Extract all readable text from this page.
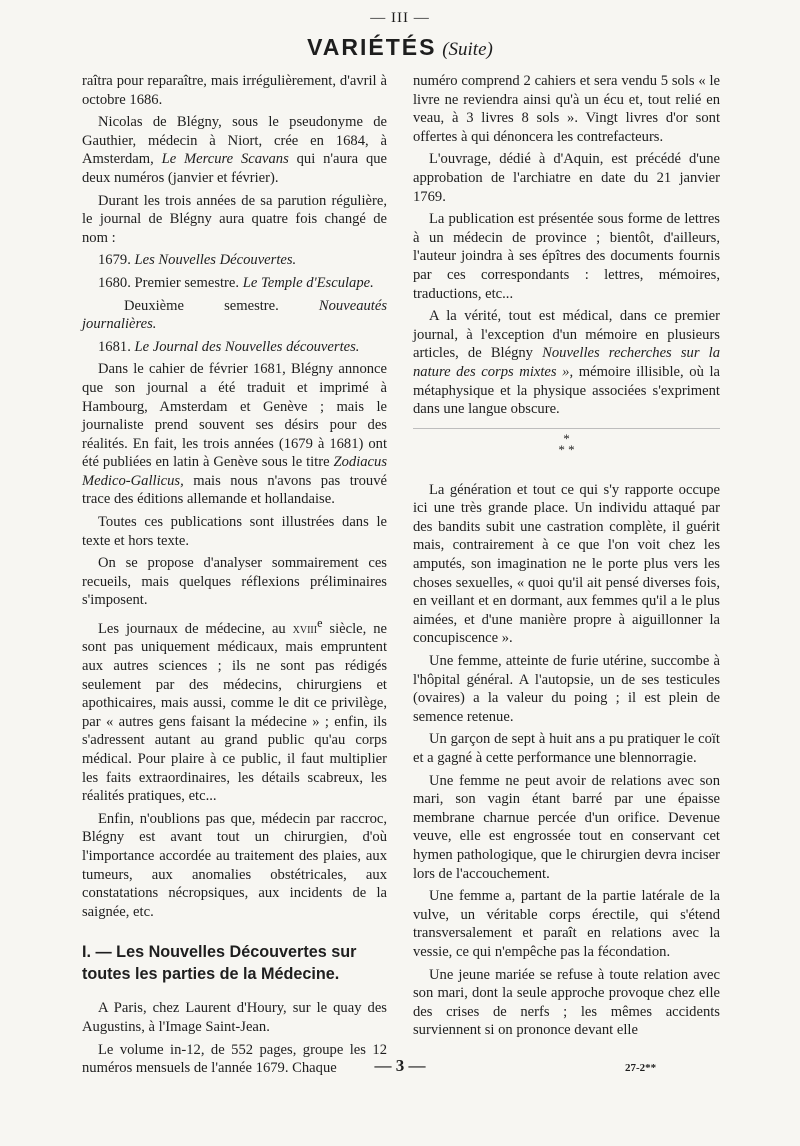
— III —
VARIÉTÉS (Suite)

raîtra pour reparaître, mais irrégulièrement, d'avril à octobre 1686.

Nicolas de Blégny, sous le pseudonyme de Gauthier, médecin à Niort, crée en 1684, à Amsterdam, Le Mercure Scavans qui n'aura que deux numéros (janvier et février).

Durant les trois années de sa parution régulière, le journal de Blégny aura quatre fois changé de nom :

1679. Les Nouvelles Découvertes.

1680. Premier semestre. Le Temple d'Esculape.

Deuxième semestre.	Nouveautés journalières.

1681. Le Journal des Nouvelles découvertes.

Dans le cahier de février 1681, Blégny annonce que son journal a été traduit et imprimé à Hambourg, Amsterdam et Genève ; mais le journaliste prend souvent ses désirs pour des réalités. En fait, les trois années (1679 à 1681) ont été publiées en latin à Genève sous le titre Zodiacus Medico-Gallicus, mais nous n'avons pas trouvé trace des éditions allemande et hollandaise.

Toutes ces publications sont illustrées dans le texte et hors texte.

On se propose d'analyser sommairement ces recueils, mais quelques réflexions préliminaires s'imposent.

Les journaux de médecine, au xviii$^e$ siècle, ne sont pas uniquement médicaux, mais empruntent aux autres sciences ; ils ne sont pas rédigés seulement par des médecins, chirurgiens et apothicaires, mais aussi, comme le dit ce privilège, par « autres gens faisant la médecine » ; enfin, ils s'adressent autant au grand public qu'au corps médical. Pour plaire à ce public, il faut multiplier les faits extraordinaires, les détails scabreux, les réalités pratiques, etc...

Enfin, n'oublions pas que, médecin par raccroc, Blégny est avant tout un chirurgien, d'où l'importance accordée au traitement des plaies, aux tumeurs, aux anomalies obstétricales, aux constatations nécropsiques, aux incidents de la saignée, etc.

I. — Les Nouvelles Découvertes sur toutes les parties de la Médecine.

A Paris, chez Laurent d'Houry, sur le quay des Augustins, à l'Image Saint-Jean.

Le volume in-12, de 552 pages, groupe les 12 numéros mensuels de l'année 1679. Chaque

numéro comprend 2 cahiers et sera vendu 5 sols « le livre ne reviendra ainsi qu'à un écu et, tout relié en veau, à 3 livres 8 sols ». Vingt livres d'or sont offertes à qui dénoncera les contrefacteurs.

L'ouvrage, dédié à d'Aquin, est précédé d'une approbation de l'archiatre en date du 21 janvier 1769.

La publication est présentée sous forme de lettres à un médecin de province ; bientôt, d'ailleurs, l'auteur joindra à ses épîtres des documents fournis par ces correspondants : lettres, mémoires, traductions, etc...

A la vérité, tout est médical, dans ce premier journal, à l'exception d'un mémoire en plusieurs articles, de Blégny Nouvelles recherches sur la nature des corps mixtes », mémoire illisible, où la métaphysique et la physique associées s'expriment dans une langue obscure.

*
* *

La génération et tout ce qui s'y rapporte occupe ici une très grande place. Un individu attaqué par des bandits subit une castration complète, il guérit mais, contrairement à ce que l'on voit chez les amputés, son imagination ne le porte plus vers les choses sexuelles, « quoi qu'il ait pensé diverses fois, en veillant et en dormant, aux femmes qu'il a le plus aimées, et d'une manière propre à aiguillonner la concupiscence ».

Une femme, atteinte de furie utérine, succombe à l'hôpital général. A l'autopsie, un de ses testicules (ovaires) a la valeur du poing ; il est plein de semence retenue.

Un garçon de sept à huit ans a pu pratiquer le coït et a gagné à cette performance une blennorragie.

Une femme ne peut avoir de relations avec son mari, son vagin étant barré par une épaisse membrane charnue percée d'un orifice. Devenue veuve, elle est engrossée tout en conservant cet hymen pathologique, que le chirurgien devra inciser lors de l'accouchement.

Une femme a, partant de la partie latérale de la vulve, un véritable corps érectile, qui s'étend transversalement et paraît en relations avec la vessie, ce qui n'empêche pas la fécondation.

Une jeune mariée se refuse à toute relation avec son mari, dont la seule approche provoque chez elle des crises de nerfs ; les mêmes accidents surviennent si on prononce devant elle

— 3 —	27-2**
